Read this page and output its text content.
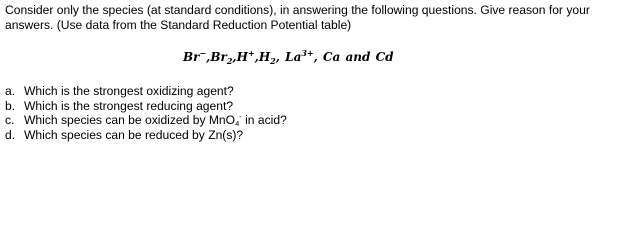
Consider only the species (at standard conditions), in answering the following questions. Give reason for your answers. (Use data from the Standard Reduction Potential table)
$Br^-,Br_2,H^+,H_2$, $La^{3+}$, Ca and Cd
a. Which is the strongest oxidizing agent?
b. Which is the strongest reducing agent?
c. Which species can be oxidized by MnO$_4$- in acid?
d. Which species can be reduced by Zn(s)?
